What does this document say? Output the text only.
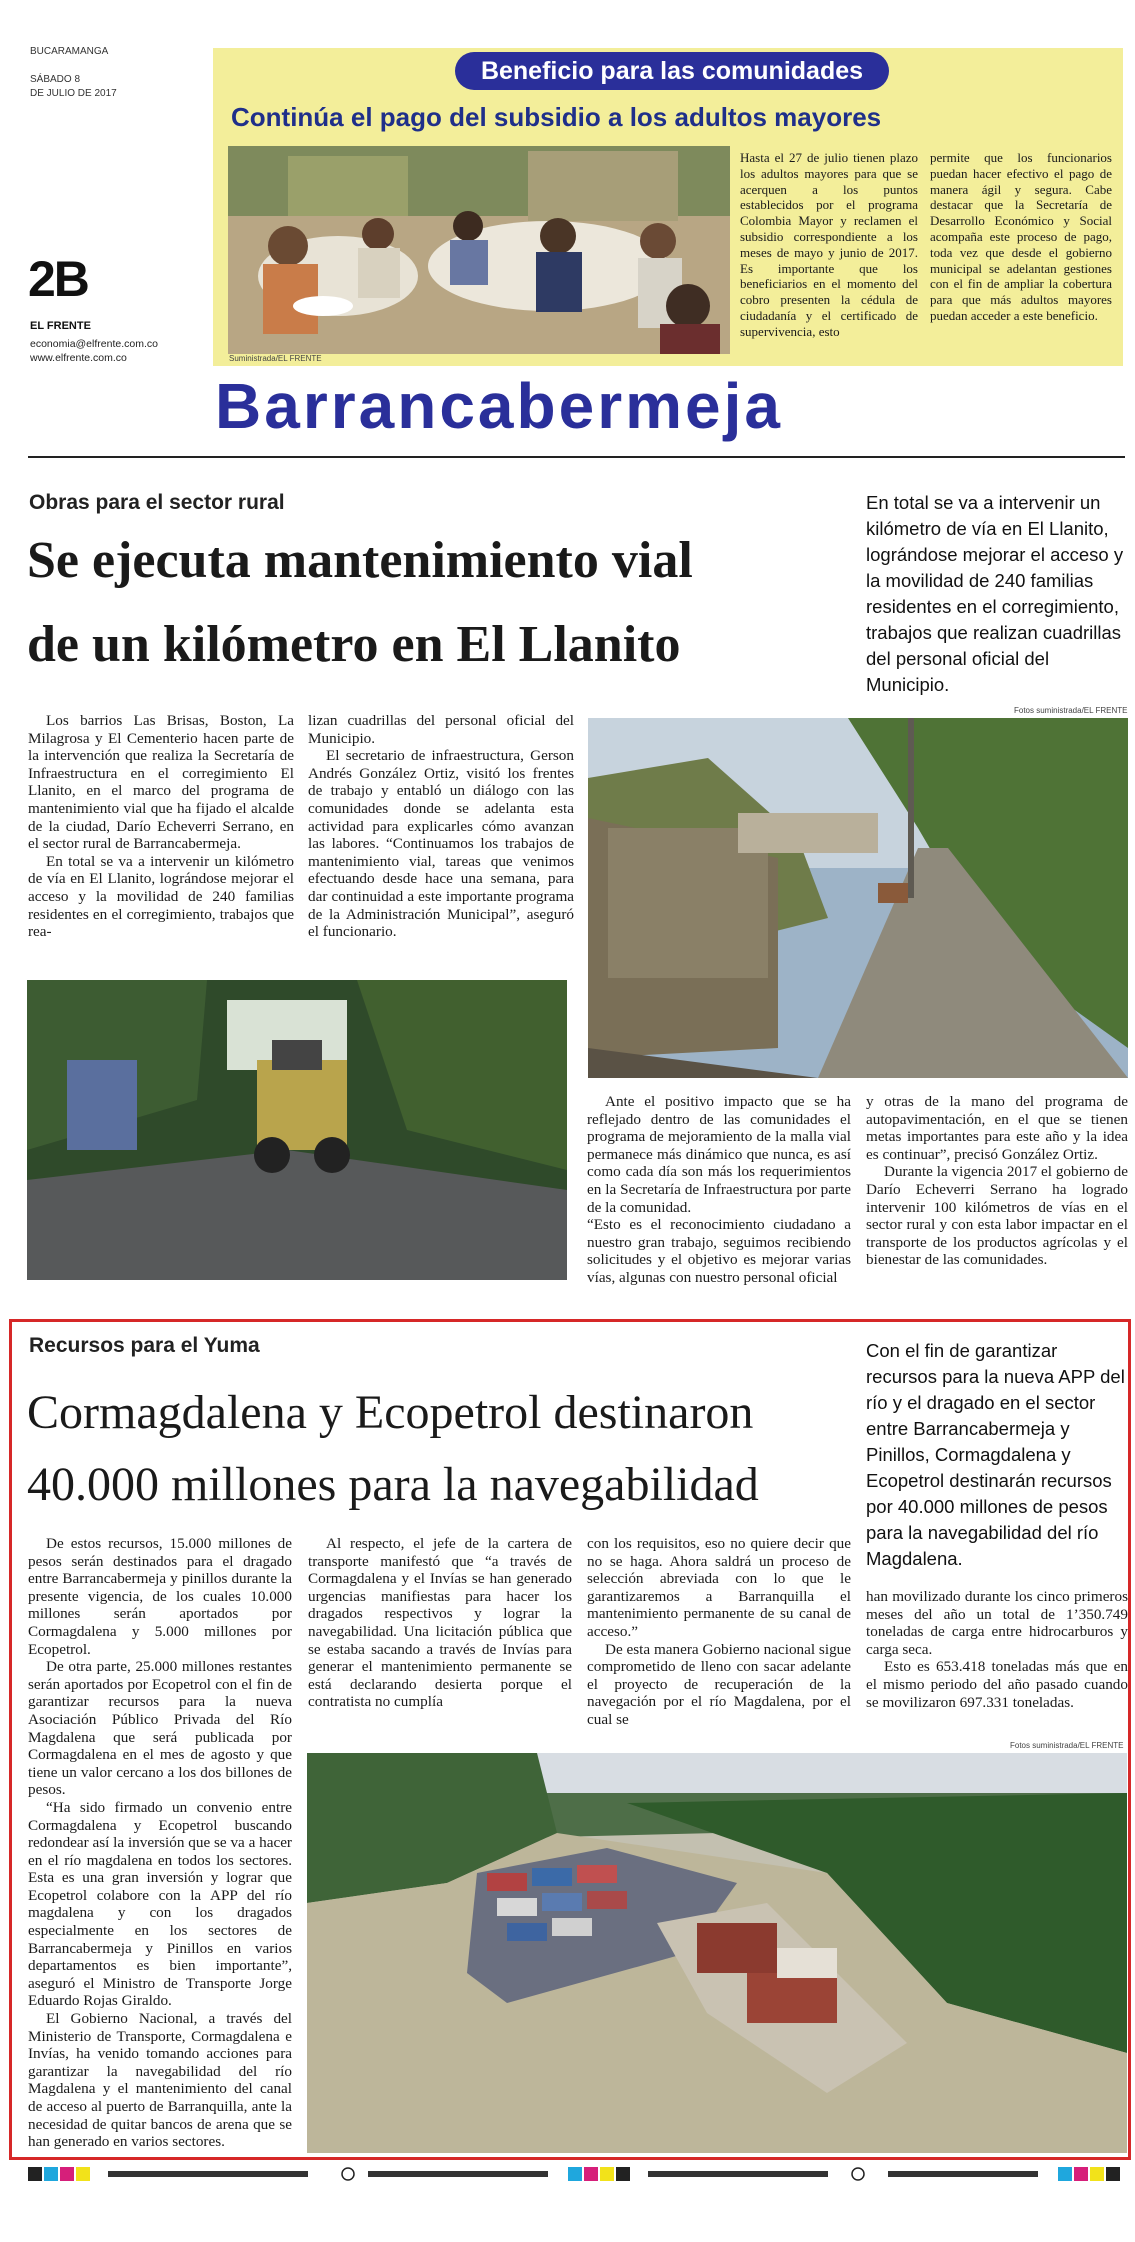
BUCARAMANGA
SÁBADO 8
DE JULIO DE 2017
2B
EL FRENTE
economia@elfrente.com.co
www.elfrente.com.co
Beneficio para las comunidades
Continúa el pago del subsidio a los adultos mayores
Suministrada/EL FRENTE
Hasta el 27 de julio tienen plazo los adultos mayores para que se acerquen a los puntos establecidos por el programa Colombia Mayor y reclamen el subsidio correspondiente a los meses de mayo y junio de 2017. Es importante que los beneficiarios en el momento del cobro presenten la cédula de ciudadanía y el certificado de supervivencia, esto
permite que los funcionarios puedan hacer efectivo el pago de manera ágil y segura. Cabe destacar que la Secretaría de Desarrollo Económico y Social acompaña este proceso de pago, toda vez que desde el gobierno municipal se adelantan gestiones con el fin de ampliar la cobertura para que más adultos mayores puedan acceder a este beneficio.
Barrancabermeja
Obras para el sector rural
Se ejecuta mantenimiento vial
de un kilómetro en El Llanito
En total se va a intervenir un kilómetro de vía en El Llanito, lográndose mejorar el acceso y la movilidad de 240 familias residentes en el corregimiento, trabajos que realizan cuadrillas del personal oficial del Municipio.

Los barrios Las Brisas, Boston, La Milagrosa y El Cementerio hacen parte de la intervención que realiza la Secretaría de Infraestructura en el corregimiento El Llanito, en el marco del programa de mantenimiento vial que ha fijado el alcalde de la ciudad, Darío Echeverri Serrano, en el sector rural de Barrancabermeja.

En total se va a intervenir un kilómetro de vía en El Llanito, lográndose mejorar el acceso y la movilidad de 240 familias residentes en el corregimiento, trabajos que rea-

lizan cuadrillas del personal oficial del Municipio.

El secretario de infraestructura, Gerson Andrés González Ortiz, visitó los frentes de trabajo y entabló un diálogo con las comunidades donde se adelanta esta actividad para explicarles cómo avanzan las labores. “Continuamos los trabajos de mantenimiento vial, tareas que venimos efectuando desde hace una semana, para dar continuidad a este importante programa de la Administración Municipal”, aseguró el funcionario.

Fotos suministrada/EL FRENTE

Ante el positivo impacto que se ha reflejado dentro de las comunidades el programa de mejoramiento de la malla vial permanece más dinámico que nunca, es así como cada día son más los requerimientos en la Secretaría de Infraestructura por parte de la comunidad.

“Esto es el reconocimiento ciudadano a nuestro gran trabajo, seguimos recibiendo solicitudes y el objetivo es mejorar varias vías, algunas con nuestro personal oficial

y otras de la mano del programa de autopavimentación, en el que se tienen metas importantes para este año y la idea es continuar”, precisó González Ortiz.

Durante la vigencia 2017 el gobierno de Darío Echeverri Serrano ha logrado intervenir 100 kilómetros de vías en el sector rural y con esta labor impactar en el transporte de los productos agrícolas y el bienestar de las comunidades.

Recursos para el Yuma
Cormagdalena y Ecopetrol destinaron
40.000 millones para la navegabilidad
Con el fin de garantizar recursos para la nueva APP del río y el dragado en el sector entre Barrancabermeja y Pinillos, Cormagdalena y Ecopetrol destinarán recursos por 40.000 millones de pesos para la navegabilidad del río Magdalena.

De estos recursos, 15.000 millones de pesos serán destinados para el dragado entre Barrancabermeja y pinillos durante la presente vigencia, de los cuales 10.000 millones serán aportados por Cormagdalena y 5.000 millones por Ecopetrol.

De otra parte, 25.000 millones restantes serán aportados por Ecopetrol con el fin de garantizar recursos para la nueva Asociación Público Privada del Río Magdalena que será publicada por Cormagdalena en el mes de agosto y que tiene un valor cercano a los dos billones de pesos.

“Ha sido firmado un convenio entre Cormagdalena y Ecopetrol buscando redondear así la inversión que se va a hacer en el río magdalena en todos los sectores. Esta es una gran inversión y lograr que Ecopetrol colabore con la APP del río magdalena y con los dragados especialmente en los sectores de Barrancabermeja y Pinillos en varios departamentos es bien importante”, aseguró el Ministro de Transporte Jorge Eduardo Rojas Giraldo.

El Gobierno Nacional, a través del Ministerio de Transporte, Cormagdalena e Invías, ha venido tomando acciones para garantizar la navegabilidad del río Magdalena y el mantenimiento del canal de acceso al puerto de Barranquilla, ante la necesidad de quitar bancos de arena que se han generado en varios sectores.

Al respecto, el jefe de la cartera de transporte manifestó que “a través de Cormagdalena y el Invías se han generado urgencias manifiestas para hacer los dragados respectivos y lograr la navegabilidad. Una licitación pública que se estaba sacando a través de Invías para generar el mantenimiento permanente se está declarando desierta porque el contratista no cumplía

con los requisitos, eso no quiere decir que no se haga. Ahora saldrá un proceso de selección abreviada con lo que le garantizaremos a Barranquilla el mantenimiento permanente de su canal de acceso.”

De esta manera Gobierno nacional sigue comprometido de lleno con sacar adelante el proyecto de recuperación de la navegación por el río Magdalena, por el cual se

han movilizado durante los cinco primeros meses del año un total de 1’350.749 toneladas de carga entre hidrocarburos y carga seca.

Esto es 653.418 toneladas más que en el mismo periodo del año pasado cuando se movilizaron 697.331 toneladas.

Fotos suministrada/EL FRENTE
